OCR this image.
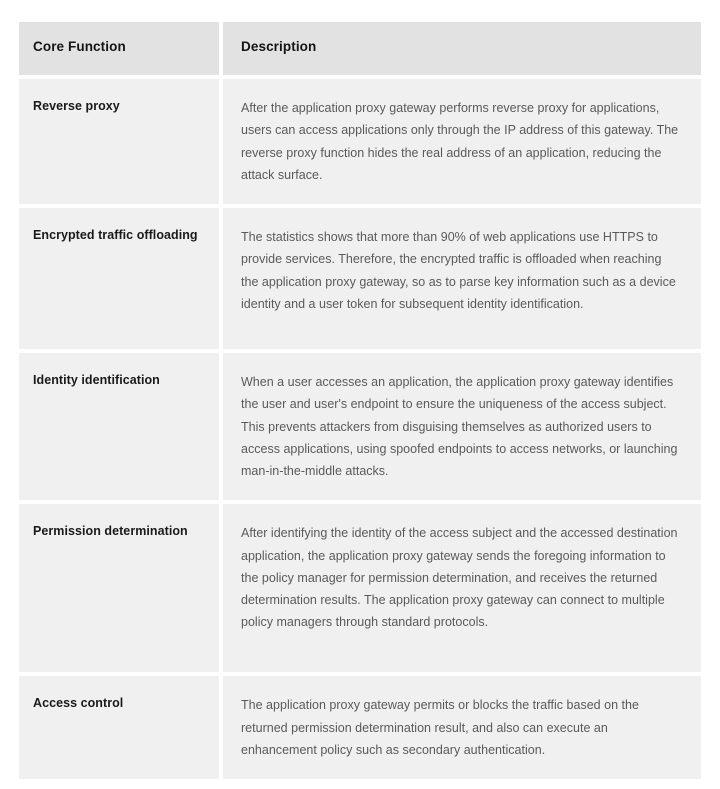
Core Function	Description
Reverse proxy	After the application proxy gateway performs reverse proxy for applications, users can access applications only through the IP address of this gateway. The reverse proxy function hides the real address of an application, reducing the attack surface.
Encrypted traffic offloading	The statistics shows that more than 90% of web applications use HTTPS to provide services. Therefore, the encrypted traffic is offloaded when reaching the application proxy gateway, so as to parse key information such as a device identity and a user token for subsequent identity identification.
Identity identification	When a user accesses an application, the application proxy gateway identifies the user and user's endpoint to ensure the uniqueness of the access subject. This prevents attackers from disguising themselves as authorized users to access applications, using spoofed endpoints to access networks, or launching man-in-the-middle attacks.
Permission determination	After identifying the identity of the access subject and the accessed destination application, the application proxy gateway sends the foregoing information to the policy manager for permission determination, and receives the returned determination results. The application proxy gateway can connect to multiple policy managers through standard protocols.
Access control	The application proxy gateway permits or blocks the traffic based on the returned permission determination result, and also can execute an enhancement policy such as secondary authentication.
